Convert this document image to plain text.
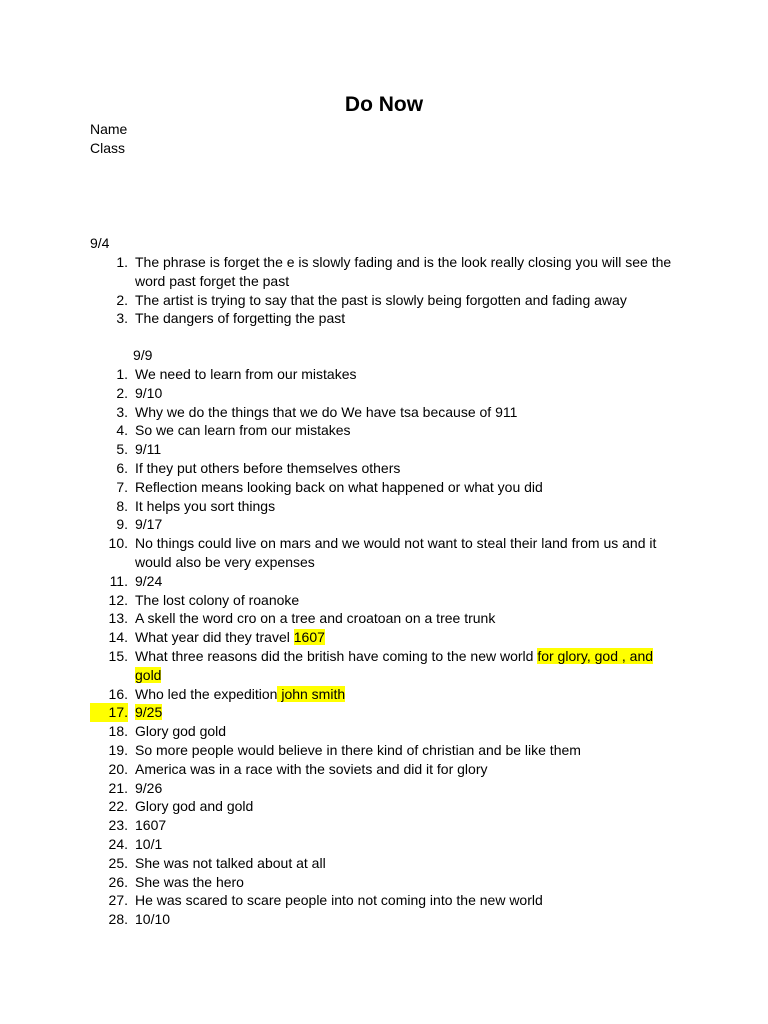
Do Now
Name
Class
9/4
1. The phrase is forget the e is slowly fading and is the look really closing you will see the word past forget the past
2. The artist is trying to say that the past is slowly being forgotten and fading away
3. The dangers of forgetting the past
9/9
1. We need to learn from our mistakes
2. 9/10
3. Why we do the things that we do We have tsa because of 911
4. So we can learn from our mistakes
5. 9/11
6. If they put others before themselves others
7. Reflection means looking back on what happened or what you did
8. It helps you sort things
9. 9/17
10. No things could live on mars and we would not want to steal their land from us and it would also be very expenses
11. 9/24
12. The lost colony of roanoke
13. A skell the word cro on a tree and croatoan on a tree trunk
14. What year did they travel 1607
15. What three reasons did the british have coming to the new world for glory, god , and gold
16. Who led the expedition john smith
17. 9/25
18. Glory god gold
19. So more people would believe in there kind of christian and be like them
20. America was in a race with the soviets and did it for glory
21. 9/26
22. Glory god and gold
23. 1607
24. 10/1
25. She was not talked about at all
26. She was the hero
27. He was scared to scare people into not coming into the new world
28. 10/10
